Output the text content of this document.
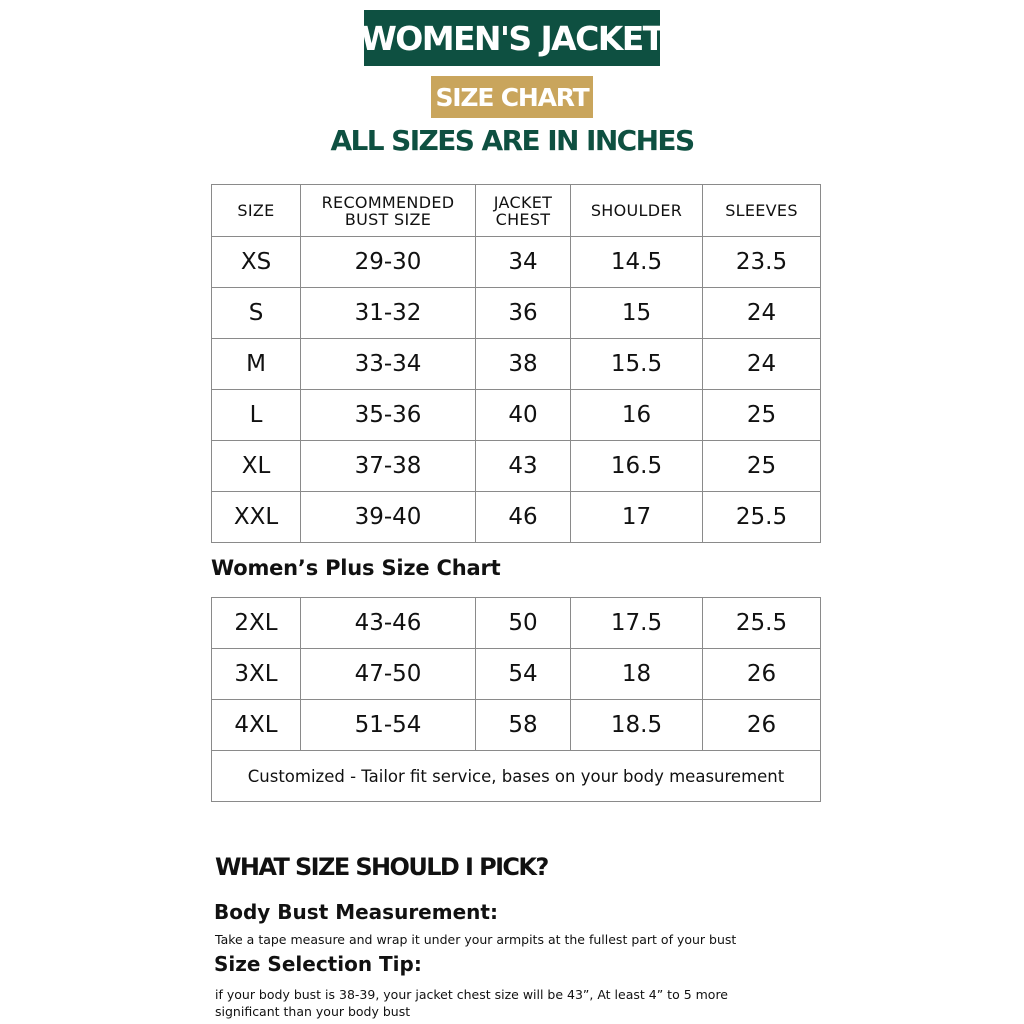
WOMEN'S JACKET
SIZE CHART
ALL SIZES ARE IN INCHES
SIZE	RECOMMENDED BUST SIZE	JACKET CHEST	SHOULDER	SLEEVES
XS	29-30	34	14.5	23.5
S	31-32	36	15	24
M	33-34	38	15.5	24
L	35-36	40	16	25
XL	37-38	43	16.5	25
XXL	39-40	46	17	25.5
Women’s Plus Size Chart
2XL	43-46	50	17.5	25.5
3XL	47-50	54	18	26
4XL	51-54	58	18.5	26
Customized - Tailor fit service, bases on your body measurement				
WHAT SIZE SHOULD I PICK?
Body Bust Measurement:
Take a tape measure and wrap it under your armpits at the fullest part of your bust
Size Selection Tip:
if your body bust is 38-39, your jacket chest size will be 43”, At least 4” to 5 more significant than your body bust
